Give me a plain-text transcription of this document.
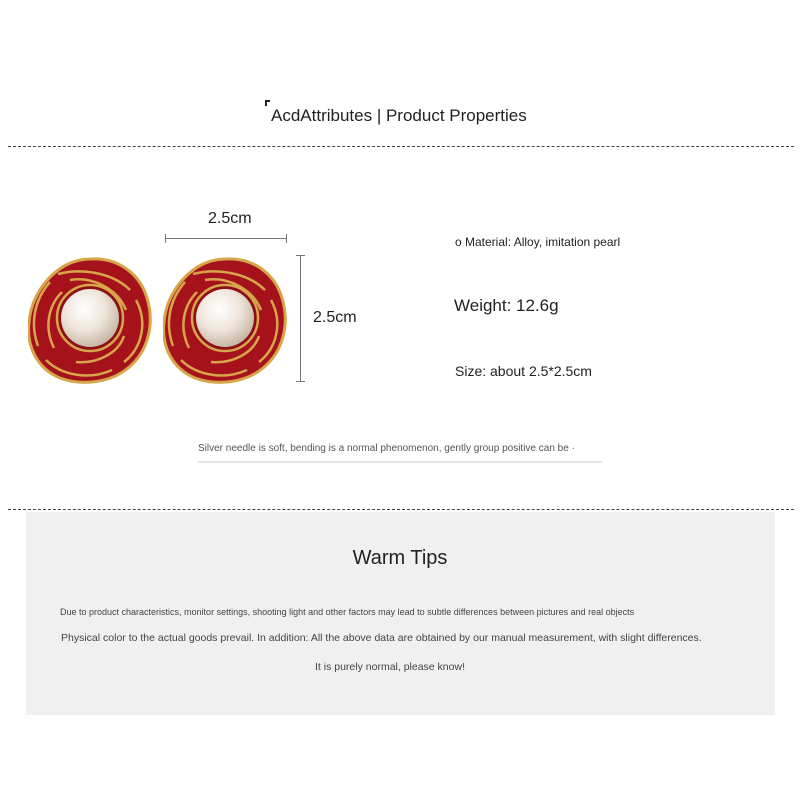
AcdAttributes | Product Properties
2.5cm
2.5cm
o Material: Alloy, imitation pearl
Weight: 12.6g
Size: about 2.5*2.5cm
Silver needle is soft, bending is a normal phenomenon, gently group positive can be ·
Warm Tips
Due to product characteristics, monitor settings, shooting light and other factors may lead to subtle differences between pictures and real objects
Physical color to the actual goods prevail. In addition: All the above data are obtained by our manual measurement, with slight differences.
It is purely normal, please know!
